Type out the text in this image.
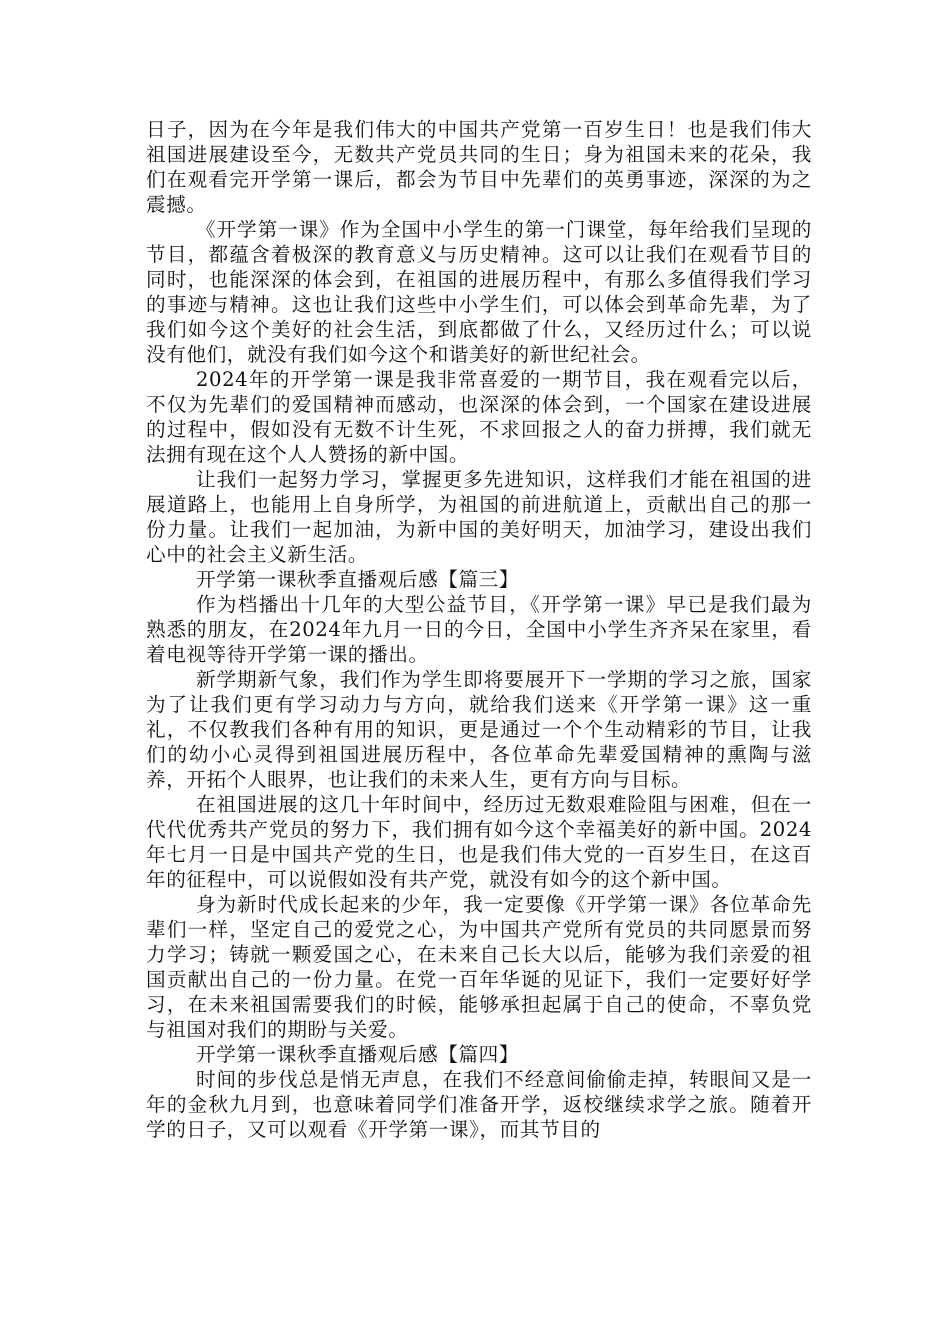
日子，因为在今年是我们伟大的中国共产党第一百岁生日！也是我们伟大祖国进展建设至今，无数共产党员共同的生日；身为祖国未来的花朵，我们在观看完开学第一课后，都会为节目中先辈们的英勇事迹，深深的为之震撼。

《开学第一课》作为全国中小学生的第一门课堂，每年给我们呈现的节目，都蕴含着极深的教育意义与历史精神。这可以让我们在观看节目的同时，也能深深的体会到，在祖国的进展历程中，有那么多值得我们学习的事迹与精神。这也让我们这些中小学生们，可以体会到革命先辈，为了我们如今这个美好的社会生活，到底都做了什么，又经历过什么；可以说没有他们，就没有我们如今这个和谐美好的新世纪社会。

2024年的开学第一课是我非常喜爱的一期节目，我在观看完以后，不仅为先辈们的爱国精神而感动，也深深的体会到，一个国家在建设进展的过程中，假如没有无数不计生死，不求回报之人的奋力拼搏，我们就无法拥有现在这个人人赞扬的新中国。

让我们一起努力学习，掌握更多先进知识，这样我们才能在祖国的进展道路上，也能用上自身所学，为祖国的前进航道上，贡献出自己的那一份力量。让我们一起加油，为新中国的美好明天，加油学习，建设出我们心中的社会主义新生活。

开学第一课秋季直播观后感【篇三】

作为档播出十几年的大型公益节目，《开学第一课》早已是我们最为熟悉的朋友，在2024年九月一日的今日，全国中小学生齐齐呆在家里，看着电视等待开学第一课的播出。

新学期新气象，我们作为学生即将要展开下一学期的学习之旅，国家为了让我们更有学习动力与方向，就给我们送来《开学第一课》这一重礼，不仅教我们各种有用的知识，更是通过一个个生动精彩的节目，让我们的幼小心灵得到祖国进展历程中，各位革命先辈爱国精神的熏陶与滋养，开拓个人眼界，也让我们的未来人生，更有方向与目标。

在祖国进展的这几十年时间中，经历过无数艰难险阻与困难，但在一代代优秀共产党员的努力下，我们拥有如今这个幸福美好的新中国。2024年七月一日是中国共产党的生日，也是我们伟大党的一百岁生日，在这百年的征程中，可以说假如没有共产党，就没有如今的这个新中国。

身为新时代成长起来的少年，我一定要像《开学第一课》各位革命先辈们一样，坚定自己的爱党之心，为中国共产党所有党员的共同愿景而努力学习；铸就一颗爱国之心，在未来自己长大以后，能够为我们亲爱的祖国贡献出自己的一份力量。在党一百年华诞的见证下，我们一定要好好学习，在未来祖国需要我们的时候，能够承担起属于自己的使命，不辜负党与祖国对我们的期盼与关爱。

开学第一课秋季直播观后感【篇四】

时间的步伐总是悄无声息，在我们不经意间偷偷走掉，转眼间又是一年的金秋九月到，也意味着同学们准备开学，返校继续求学之旅。随着开学的日子，又可以观看《开学第一课》，而其节目的
